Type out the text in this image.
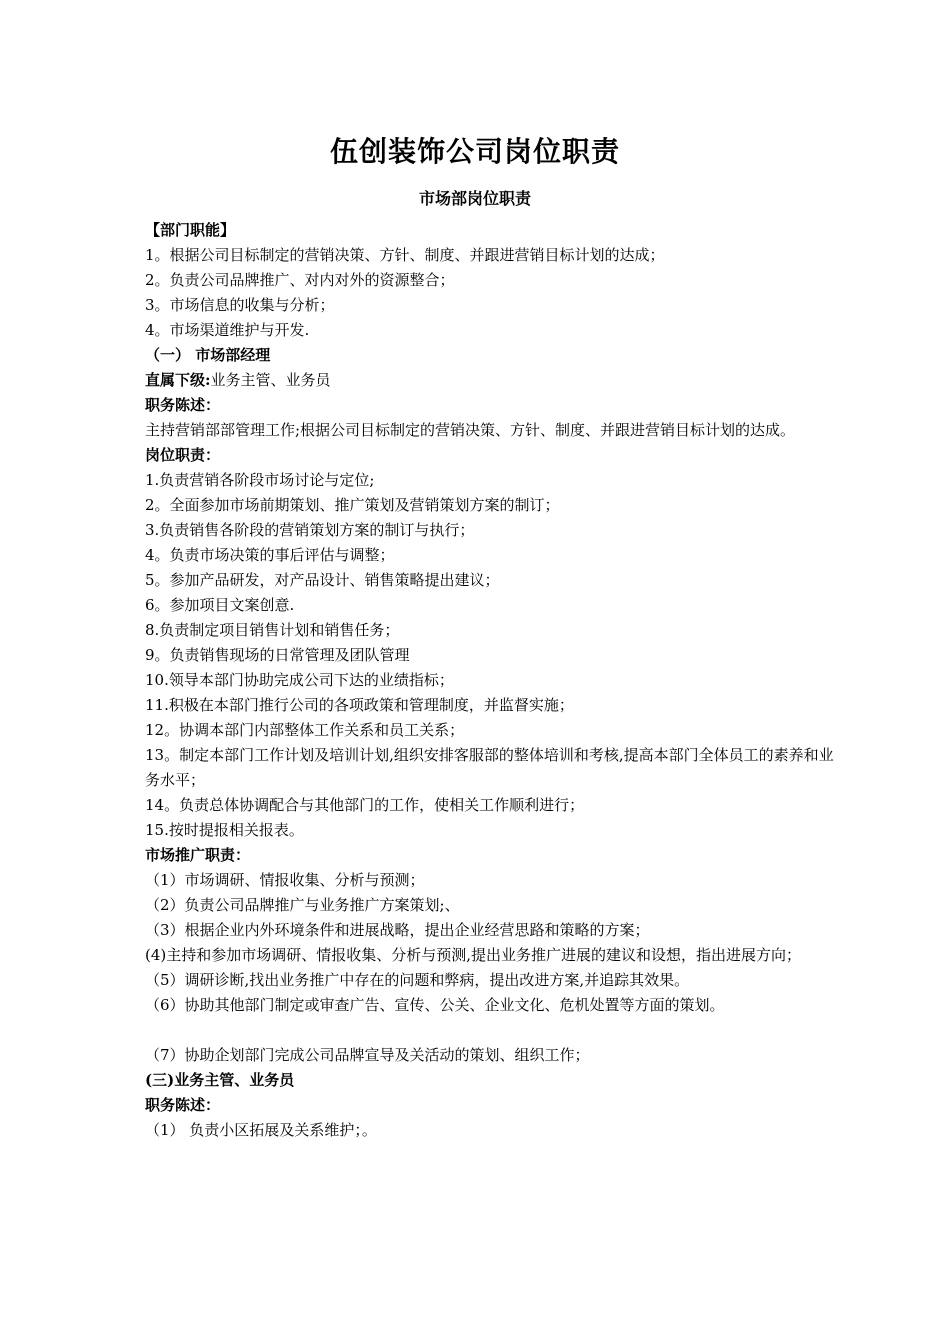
伍创装饰公司岗位职责
市场部岗位职责
【部门职能】
1。根据公司目标制定的营销决策、方针、制度、并跟进营销目标计划的达成；
2。负责公司品牌推广、对内对外的资源整合；
3。市场信息的收集与分析；
4。市场渠道维护与开发.
（一） 市场部经理
直属下级:业务主管、业务员
职务陈述：
主持营销部部管理工作;根据公司目标制定的营销决策、方针、制度、并跟进营销目标计划的达成。
岗位职责：
1.负责营销各阶段市场讨论与定位;
2。全面参加市场前期策划、推广策划及营销策划方案的制订；
3.负责销售各阶段的营销策划方案的制订与执行；
4。负责市场决策的事后评估与调整；
5。参加产品研发，对产品设计、销售策略提出建议；
6。参加项目文案创意.
8.负责制定项目销售计划和销售任务；
9。负责销售现场的日常管理及团队管理
10.领导本部门协助完成公司下达的业绩指标；
11.积极在本部门推行公司的各项政策和管理制度，并监督实施；
12。协调本部门内部整体工作关系和员工关系；
13。制定本部门工作计划及培训计划,组织安排客服部的整体培训和考核,提高本部门全体员工的素养和业务水平；
14。负责总体协调配合与其他部门的工作，使相关工作顺利进行；
15.按时提报相关报表。
市场推广职责：
（1）市场调研、情报收集、分析与预测；
（2）负责公司品牌推广与业务推广方案策划;、
（3）根据企业内外环境条件和进展战略，提出企业经营思路和策略的方案；
(4)主持和参加市场调研、情报收集、分析与预测,提出业务推广进展的建议和设想，指出进展方向；
（5）调研诊断,找出业务推广中存在的问题和弊病，提出改进方案,并追踪其效果。
（6）协助其他部门制定或审查广告、宣传、公关、企业文化、危机处置等方面的策划。
（7）协助企划部门完成公司品牌宣导及关活动的策划、组织工作；
(三)业务主管、业务员
职务陈述：
（1） 负责小区拓展及关系维护；。
